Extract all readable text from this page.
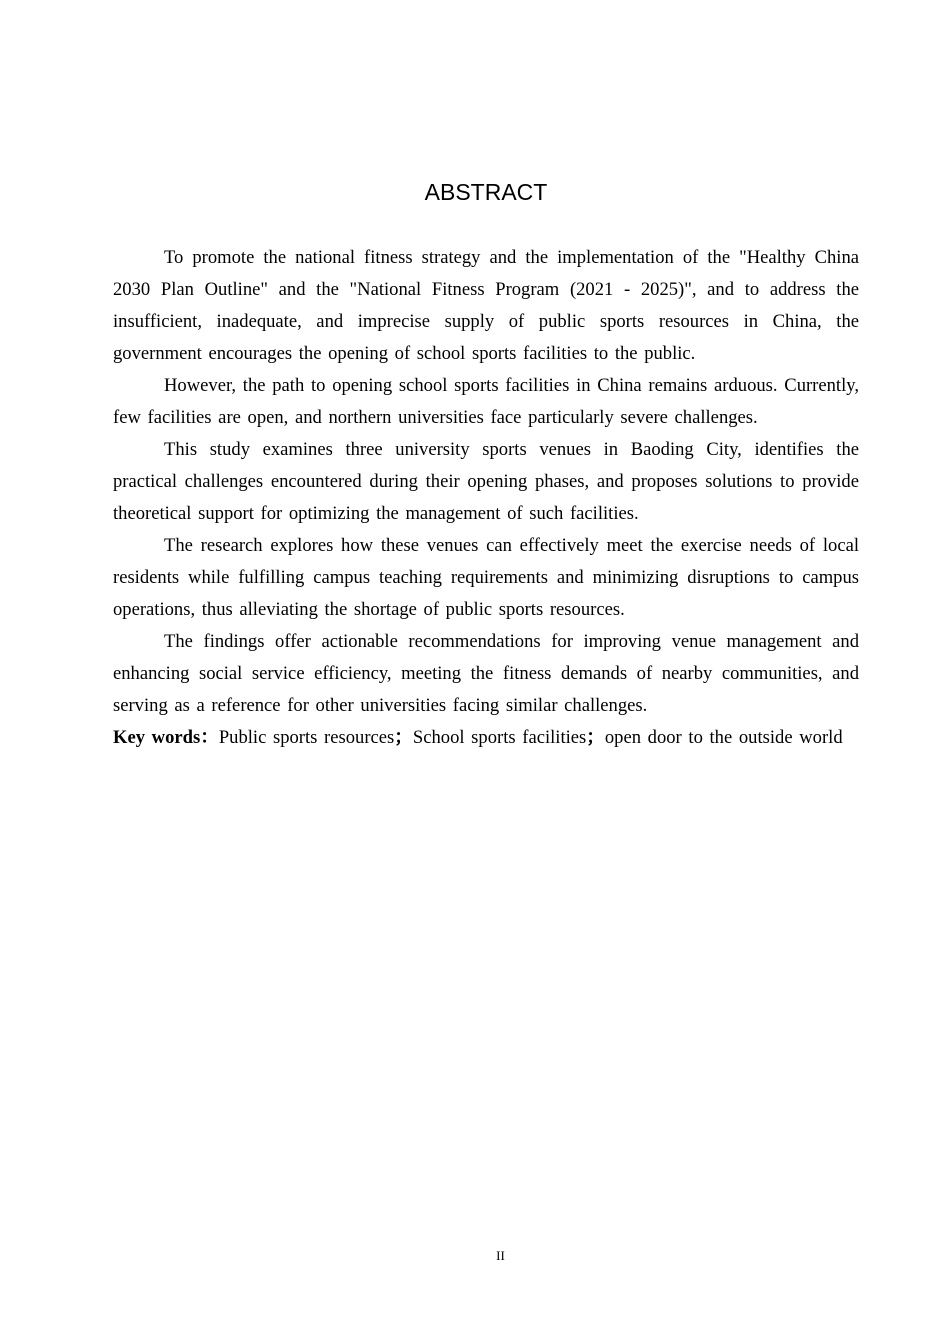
ABSTRACT

To promote the national fitness strategy and the implementation of the "Healthy China 2030 Plan Outline" and the "National Fitness Program (2021 - 2025)", and to address the insufficient, inadequate, and imprecise supply of public sports resources in China, the government encourages the opening of school sports facilities to the public.

However, the path to opening school sports facilities in China remains arduous. Currently, few facilities are open, and northern universities face particularly severe challenges.

This study examines three university sports venues in Baoding City, identifies the practical challenges encountered during their opening phases, and proposes solutions to provide theoretical support for optimizing the management of such facilities.

The research explores how these venues can effectively meet the exercise needs of local residents while fulfilling campus teaching requirements and minimizing disruptions to campus operations, thus alleviating the shortage of public sports resources.

The findings offer actionable recommendations for improving venue management and enhancing social service efficiency, meeting the fitness demands of nearby communities, and serving as a reference for other universities facing similar challenges.

Key words：Public sports resources；School sports facilities；open door to the outside world

II
